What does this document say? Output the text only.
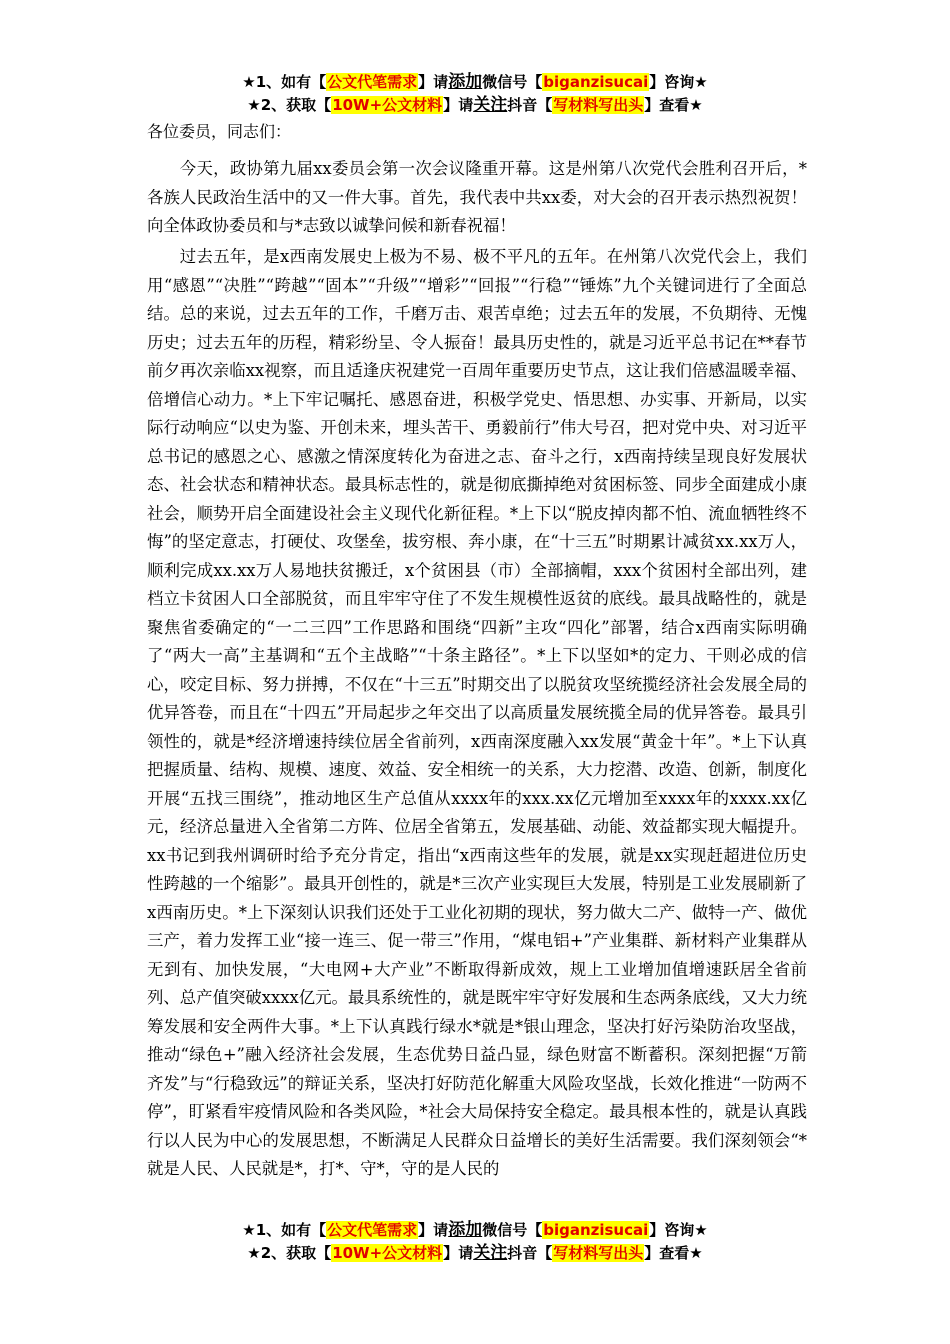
★1、如有【公文代笔需求】请添加微信号【biganzisucai】咨询★
★2、获取【10W+公文材料】请关注抖音【写材料写出头】查看★
各位委员，同志们：

今天，政协第九届xx委员会第一次会议隆重开幕。这是州第八次党代会胜利召开后，*各族人民政治生活中的又一件大事。首先，我代表中共xx委，对大会的召开表示热烈祝贺！向全体政协委员和与*志致以诚挚问候和新春祝福！

过去五年，是x西南发展史上极为不易、极不平凡的五年。在州第八次党代会上，我们用“感恩”“决胜”“跨越”“固本”“升级”“增彩”“回报”“行稳”“锤炼”九个关键词进行了全面总结。总的来说，过去五年的工作，千磨万击、艰苦卓绝；过去五年的发展，不负期待、无愧历史；过去五年的历程，精彩纷呈、令人振奋！最具历史性的，就是习近平总书记在**春节前夕再次亲临xx视察，而且适逢庆祝建党一百周年重要历史节点，这让我们倍感温暖幸福、倍增信心动力。*上下牢记嘱托、感恩奋进，积极学党史、悟思想、办实事、开新局，以实际行动响应“以史为鉴、开创未来，埋头苦干、勇毅前行”伟大号召，把对党中央、对习近平总书记的感恩之心、感激之情深度转化为奋进之志、奋斗之行，x西南持续呈现良好发展状态、社会状态和精神状态。最具标志性的，就是彻底撕掉绝对贫困标签、同步全面建成小康社会，顺势开启全面建设社会主义现代化新征程。*上下以“脱皮掉肉都不怕、流血牺牲终不悔”的坚定意志，打硬仗、攻堡垒，拔穷根、奔小康，在“十三五”时期累计减贫xx.xx万人，顺利完成xx.xx万人易地扶贫搬迁，x个贫困县（市）全部摘帽，xxx个贫困村全部出列，建档立卡贫困人口全部脱贫，而且牢牢守住了不发生规模性返贫的底线。最具战略性的，就是聚焦省委确定的“一二三四”工作思路和围绕“四新”主攻“四化”部署，结合x西南实际明确了“两大一高”主基调和“五个主战略”“十条主路径”。*上下以坚如*的定力、干则必成的信心，咬定目标、努力拼搏，不仅在“十三五”时期交出了以脱贫攻坚统揽经济社会发展全局的优异答卷，而且在“十四五”开局起步之年交出了以高质量发展统揽全局的优异答卷。最具引领性的，就是*经济增速持续位居全省前列，x西南深度融入xx发展“黄金十年”。*上下认真把握质量、结构、规模、速度、效益、安全相统一的关系，大力挖潜、改造、创新，制度化开展“五找三围绕”，推动地区生产总值从xxxx年的xxx.xx亿元增加至xxxx年的xxxx.xx亿元，经济总量进入全省第二方阵、位居全省第五，发展基础、动能、效益都实现大幅提升。xx书记到我州调研时给予充分肯定，指出“x西南这些年的发展，就是xx实现赶超进位历史性跨越的一个缩影”。最具开创性的，就是*三次产业实现巨大发展，特别是工业发展刷新了x西南历史。*上下深刻认识我们还处于工业化初期的现状，努力做大二产、做特一产、做优三产，着力发挥工业“接一连三、促一带三”作用，“煤电铝+”产业集群、新材料产业集群从无到有、加快发展，“大电网+大产业”不断取得新成效，规上工业增加值增速跃居全省前列、总产值突破xxxx亿元。最具系统性的，就是既牢牢守好发展和生态两条底线，又大力统筹发展和安全两件大事。*上下认真践行绿水*就是*银山理念，坚决打好污染防治攻坚战，推动“绿色+”融入经济社会发展，生态优势日益凸显，绿色财富不断蓄积。深刻把握“万箭齐发”与“行稳致远”的辩证关系，坚决打好防范化解重大风险攻坚战，长效化推进“一防两不停”，盯紧看牢疫情风险和各类风险，*社会大局保持安全稳定。最具根本性的，就是认真践行以人民为中心的发展思想，不断满足人民群众日益增长的美好生活需要。我们深刻领会“*就是人民、人民就是*，打*、守*，守的是人民的

★1、如有【公文代笔需求】请添加微信号【biganzisucai】咨询★
★2、获取【10W+公文材料】请关注抖音【写材料写出头】查看★
